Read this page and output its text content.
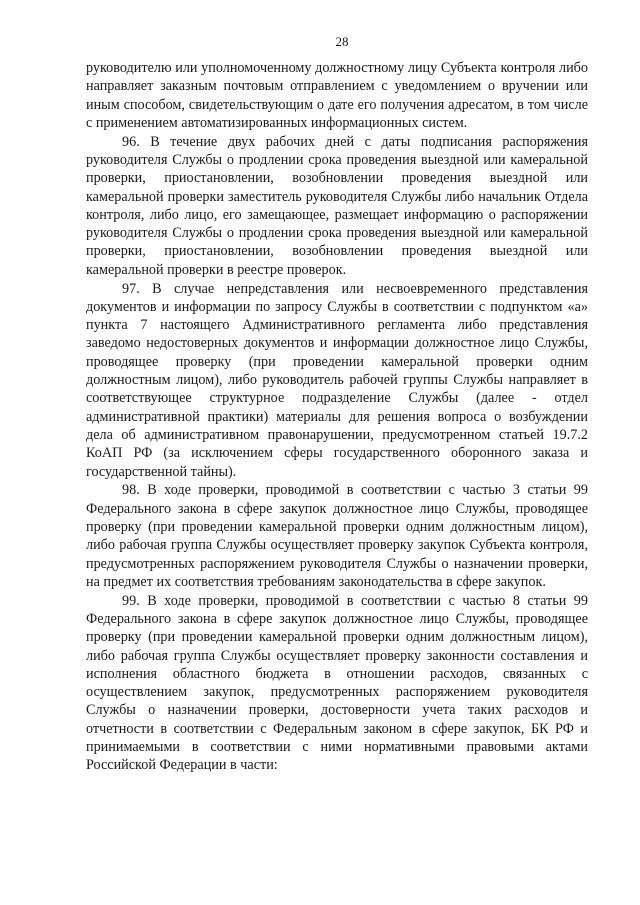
28

руководителю или уполномоченному должностному лицу Субъекта контроля либо направляет заказным почтовым отправлением с уведомлением о вручении или иным способом, свидетельствующим о дате его получения адресатом, в том числе с применением автоматизированных информационных систем.

96. В течение двух рабочих дней с даты подписания распоряжения руководителя Службы о продлении срока проведения выездной или камеральной проверки, приостановлении, возобновлении проведения выездной или камеральной проверки заместитель руководителя Службы либо начальник Отдела контроля, либо лицо, его замещающее, размещает информацию о распоряжении руководителя Службы о продлении срока проведения выездной или камеральной проверки, приостановлении, возобновлении проведения выездной или камеральной проверки в реестре проверок.

97. В случае непредставления или несвоевременного представления документов и информации по запросу Службы в соответствии с подпунктом «а» пункта 7 настоящего Административного регламента либо представления заведомо недостоверных документов и информации должностное лицо Службы, проводящее проверку (при проведении камеральной проверки одним должностным лицом), либо руководитель рабочей группы Службы направляет в соответствующее структурное подразделение Службы (далее - отдел административной практики) материалы для решения вопроса о возбуждении дела об административном правонарушении, предусмотренном статьей 19.7.2 КоАП РФ (за исключением сферы государственного оборонного заказа и государственной тайны).

98. В ходе проверки, проводимой в соответствии с частью 3 статьи 99 Федерального закона в сфере закупок должностное лицо Службы, проводящее проверку (при проведении камеральной проверки одним должностным лицом), либо рабочая группа Службы осуществляет проверку закупок Субъекта контроля, предусмотренных распоряжением руководителя Службы о назначении проверки, на предмет их соответствия требованиям законодательства в сфере закупок.

99. В ходе проверки, проводимой в соответствии с частью 8 статьи 99 Федерального закона в сфере закупок должностное лицо Службы, проводящее проверку (при проведении камеральной проверки одним должностным лицом), либо рабочая группа Службы осуществляет проверку законности составления и исполнения областного бюджета в отношении расходов, связанных с осуществлением закупок, предусмотренных распоряжением руководителя Службы о назначении проверки, достоверности учета таких расходов и отчетности в соответствии с Федеральным законом в сфере закупок, БК РФ и принимаемыми в соответствии с ними нормативными правовыми актами Российской Федерации в части:
